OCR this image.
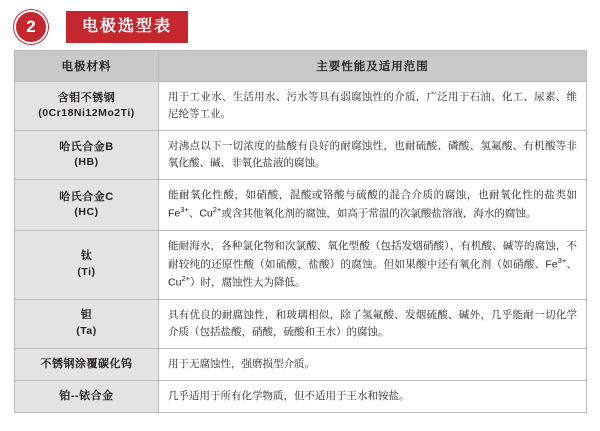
2	电极选型表
电极材料	主要性能及适用范围
含钼不锈钢

(0Cr18Ni12Mo2Ti)	用于工业水、生活用水、污水等具有弱腐蚀性的介质，广泛用于石油、化工、尿素、维尼纶等工业。
哈氏合金B

(HB)	对沸点以下一切浓度的盐酸有良好的耐腐蚀性，也耐硫酸、磷酸、氢氟酸、有机酸等非氧化酸、碱、非氧化盐液的腐蚀。
哈氏合金C

(HC)	能耐氧化性酸，如硝酸，混酸或铬酸与硫酸的混合介质的腐蚀，也耐氧化性的盐类如$Fe^{3+}$、$Cu^{2+}$或含其他氧化剂的腐蚀，如高于常温的次氯酸盐溶液，海水的腐蚀。
钛

(Ti)	能耐海水，各种氯化物和次氯酸、氧化型酸（包括发烟硝酸）、有机酸、碱等的腐蚀，不耐较纯的还原性酸（如硫酸，盐酸）的腐蚀。但如果酸中还有氧化剂（如硝酸、$Fe^{3+}$、$Cu^{2+}$）时，腐蚀性大为降低。
钽

(Ta)	具有优良的耐腐蚀性，和玻璃相似，除了氢氟酸、发烟硫酸、碱外，几乎能耐一切化学介质（包括盐酸，硝酸，硫酸和王水）的腐蚀。
不锈钢涂覆碳化钨	用于无腐蚀性，强磨损型介质。
铂--铱合金	几乎适用于所有化学物质，但不适用于王水和铵盐。
